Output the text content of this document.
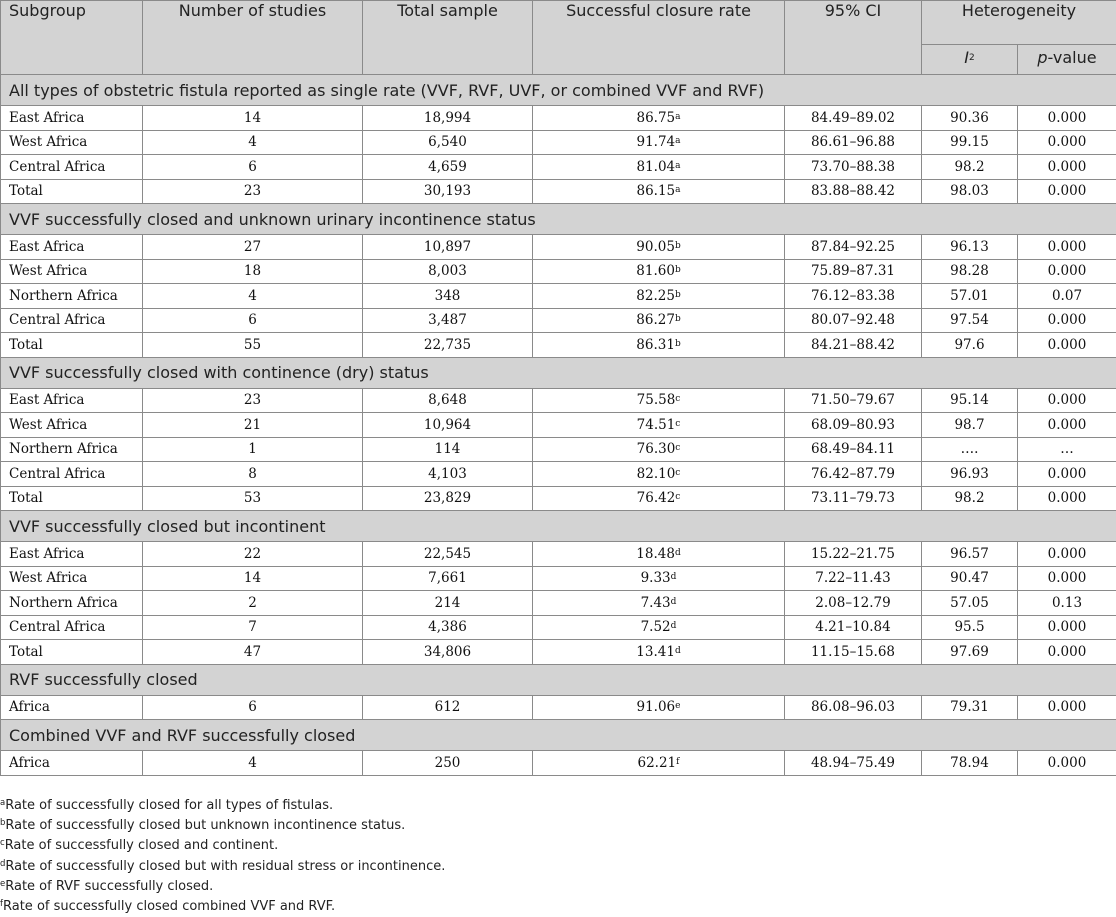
Subgroup	Number of studies	Total sample	Successful closure rate	95% CI	Heterogeneity	
					$I^2$	p-value
All types of obstetric fistula reported as single rate (VVF, RVF, UVF, or combined VVF and RVF)						
East Africa	14	18,994	86.75$^a$	84.49–89.02	90.36	0.000
West Africa	4	6,540	91.74$^a$	86.61–96.88	99.15	0.000
Central Africa	6	4,659	81.04$^a$	73.70–88.38	98.2	0.000
Total	23	30,193	86.15$^a$	83.88–88.42	98.03	0.000
VVF successfully closed and unknown urinary incontinence status						
East Africa	27	10,897	90.05$^b$	87.84–92.25	96.13	0.000
West Africa	18	8,003	81.60$^b$	75.89–87.31	98.28	0.000
Northern Africa	4	348	82.25$^b$	76.12–83.38	57.01	0.07
Central Africa	6	3,487	86.27$^b$	80.07–92.48	97.54	0.000
Total	55	22,735	86.31$^b$	84.21–88.42	97.6	0.000
VVF successfully closed with continence (dry) status						
East Africa	23	8,648	75.58$^c$	71.50–79.67	95.14	0.000
West Africa	21	10,964	74.51$^c$	68.09–80.93	98.7	0.000
Northern Africa	1	114	76.30$^c$	68.49–84.11	….	…
Central Africa	8	4,103	82.10$^c$	76.42–87.79	96.93	0.000
Total	53	23,829	76.42$^c$	73.11–79.73	98.2	0.000
VVF successfully closed but incontinent						
East Africa	22	22,545	18.48$^d$	15.22–21.75	96.57	0.000
West Africa	14	7,661	9.33$^d$	7.22–11.43	90.47	0.000
Northern Africa	2	214	7.43$^d$	2.08–12.79	57.05	0.13
Central Africa	7	4,386	7.52$^d$	4.21–10.84	95.5	0.000
Total	47	34,806	13.41$^d$	11.15–15.68	97.69	0.000
RVF successfully closed						
Africa	6	612	91.06e	86.08–96.03	79.31	0.000
Combined VVF and RVF successfully closed						
Africa	4	250	62.21$^f$	48.94–75.49	78.94	0.000
$^a$Rate of successfully closed for all types of fistulas.
$^b$Rate of successfully closed but unknown incontinence status.
$^c$Rate of successfully closed and continent.
$^d$Rate of successfully closed but with residual stress or incontinence.
$^e$Rate of RVF successfully closed.
$^f$Rate of successfully closed combined VVF and RVF.
